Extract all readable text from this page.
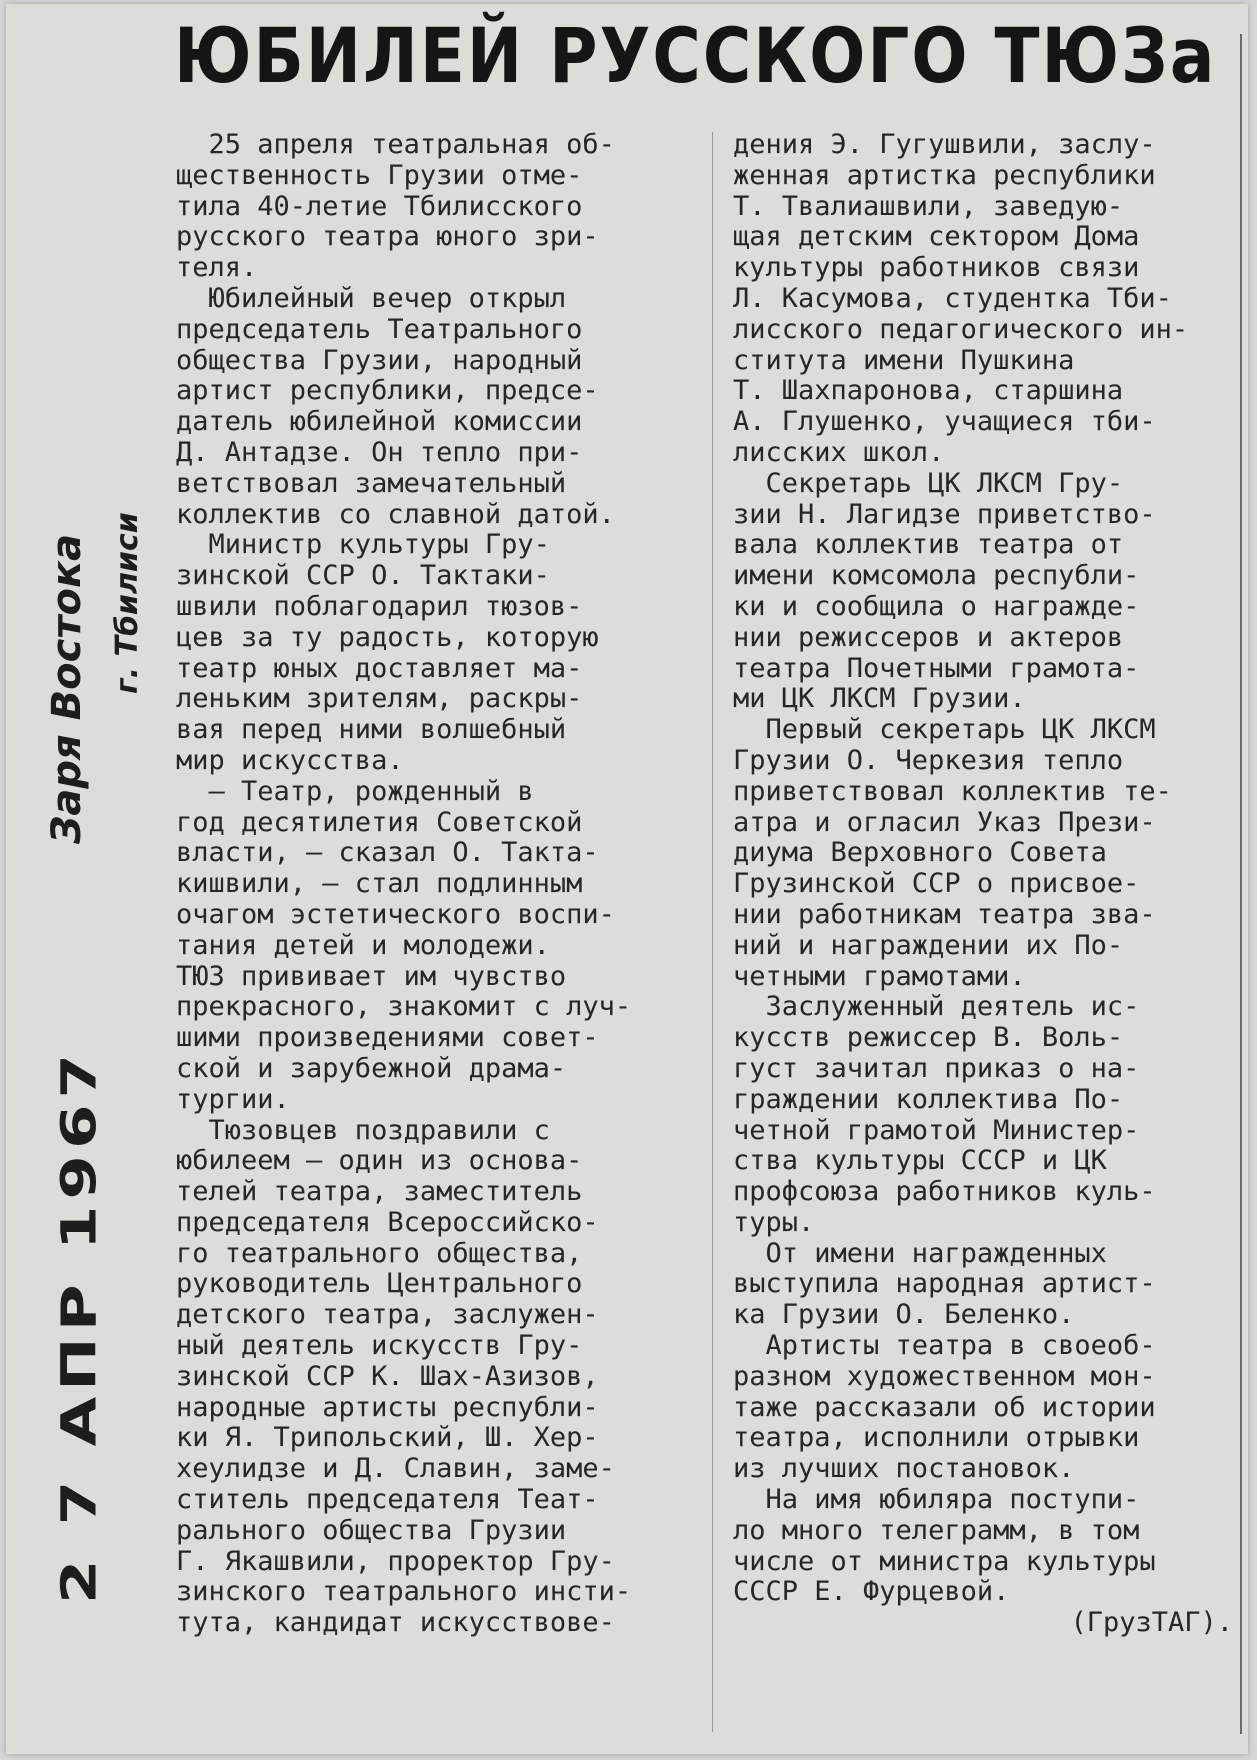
ЮБИЛЕЙ РУССКОГО ТЮЗа
Заря Востока г. Тбилиси
2 7 АПР 1967
25 апреля театральная об-
щественность Грузии отме-
тила 40-летие Тбилисского
русского театра юного зри-
теля.
Юбилейный вечер открыл
председатель Театрального
общества Грузии, народный
артист республики, предсе-
датель юбилейной комиссии
Д. Антадзе. Он тепло при-
ветствовал замечательный
коллектив со славной датой.
Министр культуры Гру-
зинской ССР О. Тактаки-
швили поблагодарил тюзов-
цев за ту радость, которую
театр юных доставляет ма-
леньким зрителям, раскры-
вая перед ними волшебный
мир искусства.
— Театр, рожденный в
год десятилетия Советской
власти, — сказал О. Такта-
кишвили, — стал подлинным
очагом эстетического воспи-
тания детей и молодежи.
ТЮЗ прививает им чувство
прекрасного, знакомит с луч-
шими произведениями совет-
ской и зарубежной драма-
тургии.
Тюзовцев поздравили с
юбилеем — один из основа-
телей театра, заместитель
председателя Всероссийско-
го театрального общества,
руководитель Центрального
детского театра, заслужен-
ный деятель искусств Гру-
зинской ССР К. Шах-Азизов,
народные артисты республи-
ки Я. Трипольский, Ш. Хер-
хеулидзе и Д. Славин, заме-
ститель председателя Теат-
рального общества Грузии
Г. Якашвили, проректор Гру-
зинского театрального инсти-
тута, кандидат искусствове-
дения Э. Гугушвили, заслу-
женная артистка республики
Т. Твалиашвили, заведую-
щая детским сектором Дома
культуры работников связи
Л. Касумова, студентка Тби-
лисского педагогического ин-
ститута имени Пушкина
Т. Шахпаронова, старшина
А. Глушенко, учащиеся тби-
лисских школ.
Секретарь ЦК ЛКСМ Гру-
зии Н. Лагидзе приветство-
вала коллектив театра от
имени комсомола республи-
ки и сообщила о награжде-
нии режиссеров и актеров
театра Почетными грамота-
ми ЦК ЛКСМ Грузии.
Первый секретарь ЦК ЛКСМ
Грузии О. Черкезия тепло
приветствовал коллектив те-
атра и огласил Указ Прези-
диума Верховного Совета
Грузинской ССР о присвое-
нии работникам театра зва-
ний и награждении их По-
четными грамотами.
Заслуженный деятель ис-
кусств режиссер В. Воль-
густ зачитал приказ о на-
граждении коллектива По-
четной грамотой Министер-
ства культуры СССР и ЦК
профсоюза работников куль-
туры.
От имени награжденных
выступила народная артист-
ка Грузии О. Беленко.
Артисты театра в своеоб-
разном художественном мон-
таже рассказали об истории
театра, исполнили отрывки
из лучших постановок.
На имя юбиляра поступи-
ло много телеграмм, в том
числе от министра культуры
СССР Е. Фурцевой.
(ГрузТАГ).
